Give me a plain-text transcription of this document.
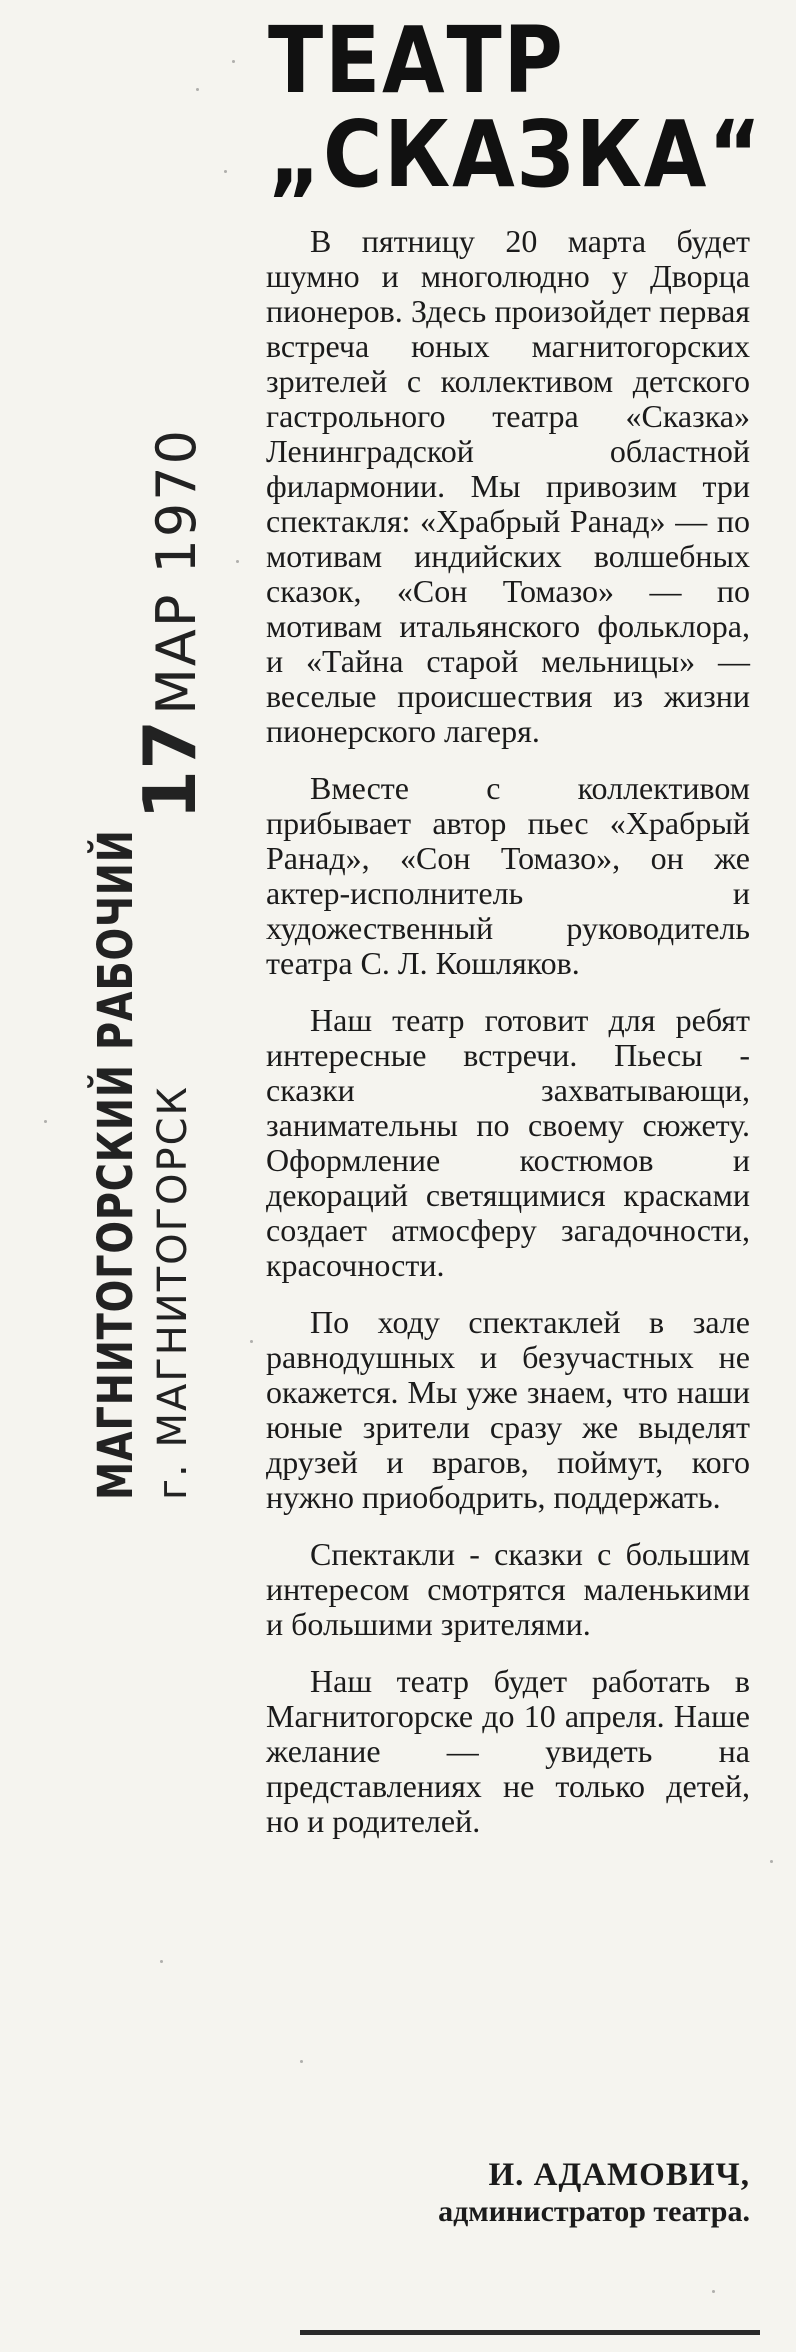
ТЕАТР
„СКАЗКА“

В пятницу 20 марта будет шумно и многолюдно у Дворца пионеров. Здесь произойдет первая встреча юных магнитогорских зрителей с коллективом детского гастрольного театра «Сказка» Ленинградской областной филармонии. Мы привозим три спектакля: «Храбрый Ранад» — по мотивам индийских волшебных сказок, «Сон Томазо» — по мотивам итальянского фольклора, и «Тайна старой мельницы» — веселые происшествия из жизни пионерского лагеря.

Вместе с коллективом прибывает автор пьес «Храбрый Ранад», «Сон Томазо», он же актер-исполнитель и художественный руководитель театра С. Л. Кошляков.

Наш театр готовит для ребят интересные встречи. Пьесы - сказки захватывающи, занимательны по своему сюжету. Оформление костюмов и декораций светящимися красками создает атмосферу загадочности, красочности.

По ходу спектаклей в зале равнодушных и безучастных не окажется. Мы уже знаем, что наши юные зрители сразу же выделят друзей и врагов, поймут, кого нужно приободрить, поддержать.

Спектакли - сказки с большим интересом смотрятся маленькими и большими зрителями.

Наш театр будет работать в Магнитогорске до 10 апреля. Наше желание — увидеть на представлениях не только детей, но и родителей.

И. АДАМОВИЧ,
администратор театра.
17 МАР 1970
МАГНИТОГОРСКИЙ РАБОЧИЙ г. МАГНИТОГОРСК
